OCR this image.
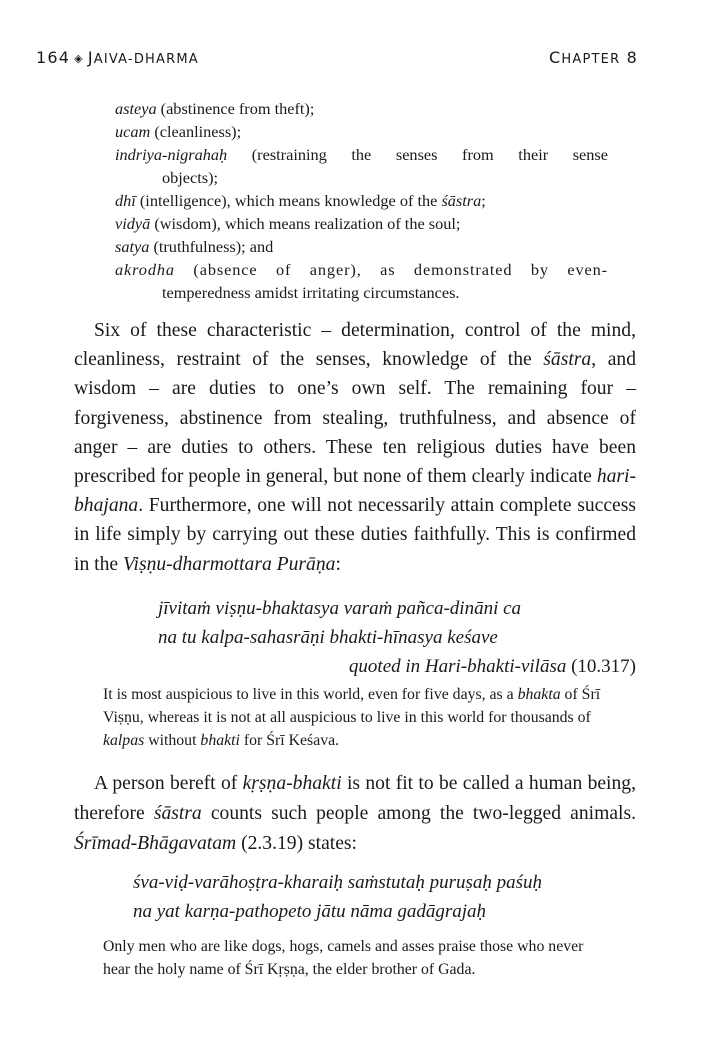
164 ◈ JAIVA-DHARMA	CHAPTER 8

asteya (abstinence from theft);

ucam (cleanliness);

indriya-nigrahaḥ (restraining the senses from their sense

objects);

dhī (intelligence), which means knowledge of the śāstra;

vidyā (wisdom), which means realization of the soul;

satya (truthfulness); and

akrodha (absence of anger), as demonstrated by even-

temperedness amidst irritating circumstances.

Six of these characteristic – determination, control of the mind, cleanliness, restraint of the senses, knowledge of the śāstra, and wisdom – are duties to one’s own self. The remaining four – forgiveness, abstinence from stealing, truthfulness, and absence of anger – are duties to others. These ten religious duties have been prescribed for people in general, but none of them clearly indicate hari-bhajana. Furthermore, one will not necessarily attain complete success in life simply by carrying out these duties faithfully. This is confirmed in the Viṣṇu-dharmottara Purāṇa:

jīvitaṁ viṣṇu-bhaktasya varaṁ pañca-dināni ca
na tu kalpa-sahasrāṇi bhakti-hīnasya keśave
quoted in Hari-bhakti-vilāsa (10.317)
It is most auspicious to live in this world, even for five days, as a bhakta of Śrī Viṣṇu, whereas it is not at all auspicious to live in this world for thousands of kalpas without bhakti for Śrī Keśava.

A person bereft of kṛṣṇa-bhakti is not fit to be called a human being, therefore śāstra counts such people among the two-legged animals. Śrīmad-Bhāgavatam (2.3.19) states:

śva-viḍ-varāhoṣṭra-kharaiḥ saṁstutaḥ puruṣaḥ paśuḥ
na yat karṇa-pathopeto jātu nāma gadāgrajaḥ
Only men who are like dogs, hogs, camels and asses praise those who never hear the holy name of Śrī Kṛṣṇa, the elder brother of Gada.
